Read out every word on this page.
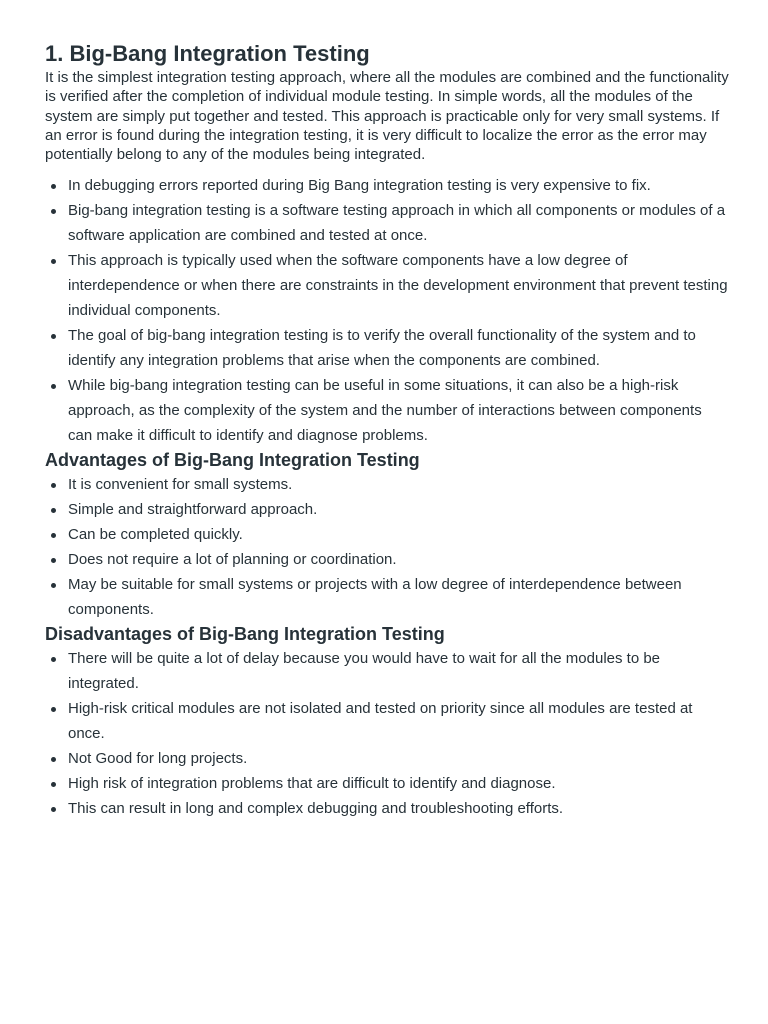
1. Big-Bang Integration Testing

It is the simplest integration testing approach, where all the modules are combined and the functionality is verified after the completion of individual module testing. In simple words, all the modules of the system are simply put together and tested. This approach is practicable only for very small systems. If an error is found during the integration testing, it is very difficult to localize the error as the error may potentially belong to any of the modules being integrated.

In debugging errors reported during Big Bang integration testing is very expensive to fix.
Big-bang integration testing is a software testing approach in which all components or modules of a software application are combined and tested at once.
This approach is typically used when the software components have a low degree of interdependence or when there are constraints in the development environment that prevent testing individual components.
The goal of big-bang integration testing is to verify the overall functionality of the system and to identify any integration problems that arise when the components are combined.
While big-bang integration testing can be useful in some situations, it can also be a high-risk approach, as the complexity of the system and the number of interactions between components can make it difficult to identify and diagnose problems.
Advantages of Big-Bang Integration Testing
It is convenient for small systems.
Simple and straightforward approach.
Can be completed quickly.
Does not require a lot of planning or coordination.
May be suitable for small systems or projects with a low degree of interdependence between components.
Disadvantages of Big-Bang Integration Testing
There will be quite a lot of delay because you would have to wait for all the modules to be integrated.
High-risk critical modules are not isolated and tested on priority since all modules are tested at once.
Not Good for long projects.
High risk of integration problems that are difficult to identify and diagnose.
This can result in long and complex debugging and troubleshooting efforts.
